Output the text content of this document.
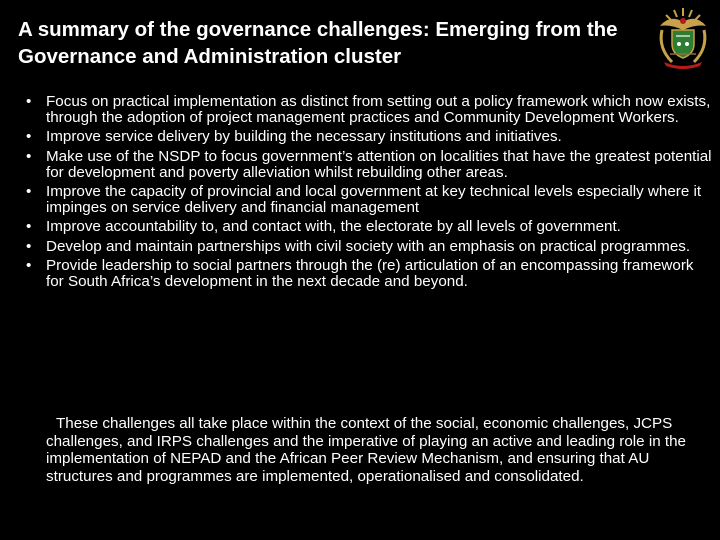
A summary of the governance challenges: Emerging from the Governance and Administration cluster
• Focus on practical implementation as distinct from setting out a policy framework which now exists, through the adoption of project management practices and Community Development Workers.
• Improve service delivery by building the necessary institutions and initiatives.
• Make use of the NSDP to focus government’s attention on localities that have the greatest potential for development and poverty alleviation whilst rebuilding other areas.
• Improve the capacity of provincial and local government at key technical levels especially where it impinges on service delivery and financial management
• Improve accountability to, and contact with, the electorate by all levels of government.
• Develop and maintain partnerships with civil society with an emphasis on practical programmes.
• Provide leadership to social partners through the (re) articulation of an encompassing framework for South Africa’s development in the next decade and beyond.
These challenges all take place within the context of the social, economic challenges, JCPS challenges, and IRPS challenges and the imperative of playing an active and leading role in the implementation of NEPAD and the African Peer Review Mechanism, and ensuring that AU structures and programmes are implemented, operationalised and consolidated.
